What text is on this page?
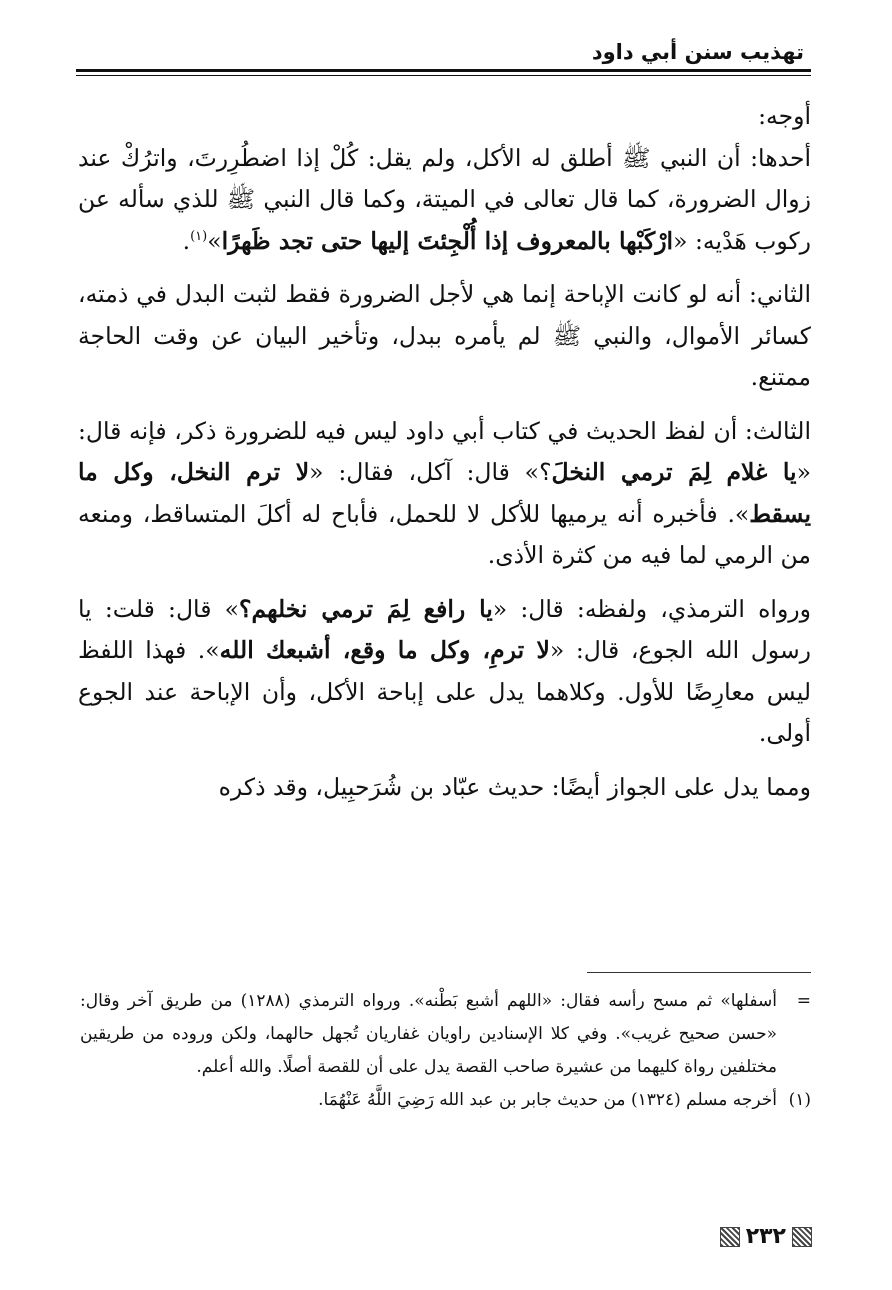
تهذيب سنن أبي داود

أوجه:

أحدها: أن النبي ﷺ أطلق له الأكل، ولم يقل: كُلْ إذا اضطُرِرتَ، واترُكْ عند زوال الضرورة، كما قال تعالى في الميتة، وكما قال النبي ﷺ للذي سأله عن ركوب هَدْيه: «ارْكَبْها بالمعروف إذا أُلْجِئتَ إليها حتى تجد ظَهرًا»$^{(١)}$.

الثاني: أنه لو كانت الإباحة إنما هي لأجل الضرورة فقط لثبت البدل في ذمته، كسائر الأموال، والنبي ﷺ لم يأمره ببدل، وتأخير البيان عن وقت الحاجة ممتنع.

الثالث: أن لفظ الحديث في كتاب أبي داود ليس فيه للضرورة ذكر، فإنه قال: «يا غلام لِمَ ترمي النخلَ؟» قال: آكل، فقال: «لا ترم النخل، وكل ما يسقط». فأخبره أنه يرميها للأكل لا للحمل، فأباح له أكلَ المتساقط، ومنعه من الرمي لما فيه من كثرة الأذى.

ورواه الترمذي، ولفظه: قال: «يا رافع لِمَ ترمي نخلهم؟» قال: قلت: يا رسول الله الجوع، قال: «لا ترمِ، وكل ما وقع، أشبعك الله». فهذا اللفظ ليس معارِضًا للأول. وكلاهما يدل على إباحة الأكل، وأن الإباحة عند الجوع أولى.

ومما يدل على الجواز أيضًا: حديث عبّاد بن شُرَحبِيل، وقد ذكره

=
أسفلها» ثم مسح رأسه فقال: «اللهم أشبع بَطْنه». ورواه الترمذي (١٢٨٨) من طريق آخر وقال: «حسن صحيح غريب». وفي كلا الإسنادين راويان غفاريان تُجهل حالهما، ولكن وروده من طريقين مختلفين رواة كليهما من عشيرة صاحب القصة يدل على أن للقصة أصلًا. والله أعلم.
(١)
أخرجه مسلم (١٣٢٤) من حديث جابر بن عبد الله رَضِيَ اللَّهُ عَنْهُمَا.
٢٣٢
